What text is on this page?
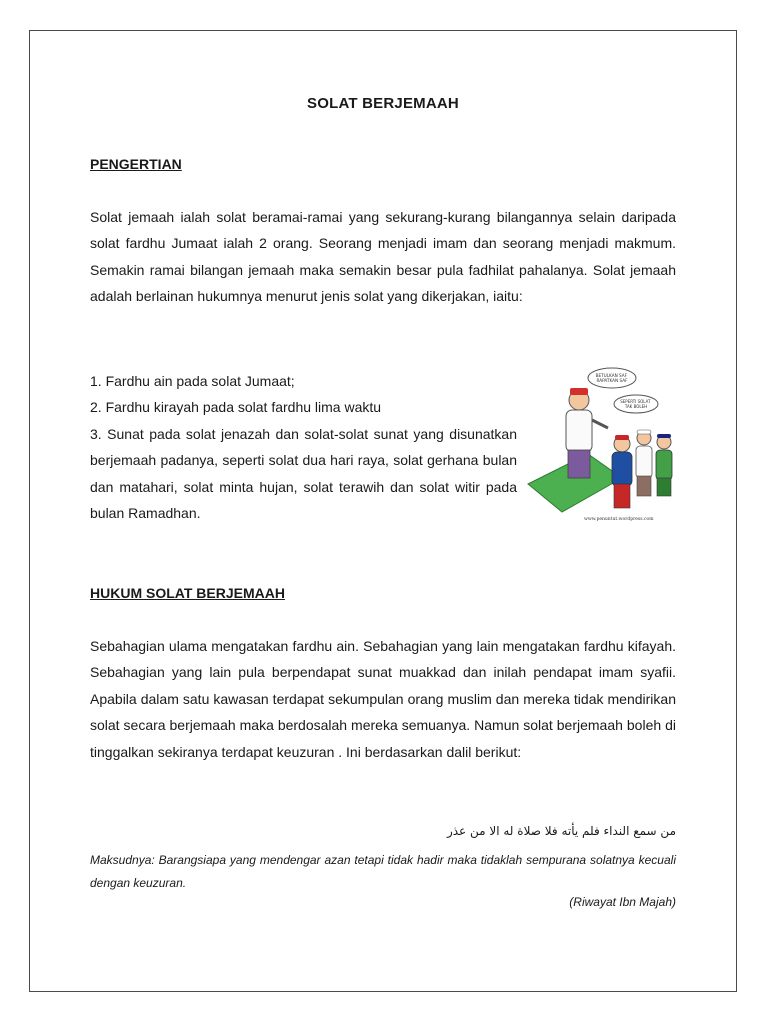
SOLAT BERJEMAAH
PENGERTIAN

Solat jemaah ialah solat beramai-ramai yang sekurang-kurang bilangannya selain daripada solat fardhu Jumaat ialah 2 orang. Seorang menjadi imam dan seorang menjadi makmum. Semakin ramai bilangan jemaah maka semakin besar pula fadhilat pahalanya. Solat jemaah adalah berlainan hukumnya menurut jenis solat yang dikerjakan, iaitu:

1. Fardhu ain pada solat Jumaat;
2. Fardhu kirayah pada solat fardhu lima waktu
3. Sunat pada solat jenazah dan solat-solat sunat yang disunatkan berjemaah padanya, seperti solat dua hari raya, solat gerhana bulan dan matahari, solat minta hujan, solat terawih dan solat witir pada bulan Ramadhan.
BETULKAN SAF RAPATKAN SAF
SEPERTI SOLAT TAK BOLEH
www.penuntut.wordpress.com
HUKUM SOLAT BERJEMAAH

Sebahagian ulama mengatakan fardhu ain. Sebahagian yang lain mengatakan fardhu kifayah. Sebahagian yang lain pula berpendapat sunat muakkad dan inilah pendapat imam syafii. Apabila dalam satu kawasan terdapat sekumpulan orang muslim dan mereka tidak mendirikan solat secara berjemaah maka berdosalah mereka semuanya. Namun solat berjemaah boleh di tinggalkan sekiranya terdapat keuzuran . Ini berdasarkan dalil berikut:

من سمع النداء فلم يأته فلا صلاة له الا من عذر

Maksudnya: Barangsiapa yang mendengar azan tetapi tidak hadir maka tidaklah sempurana solatnya kecuali dengan keuzuran.

(Riwayat Ibn Majah)
